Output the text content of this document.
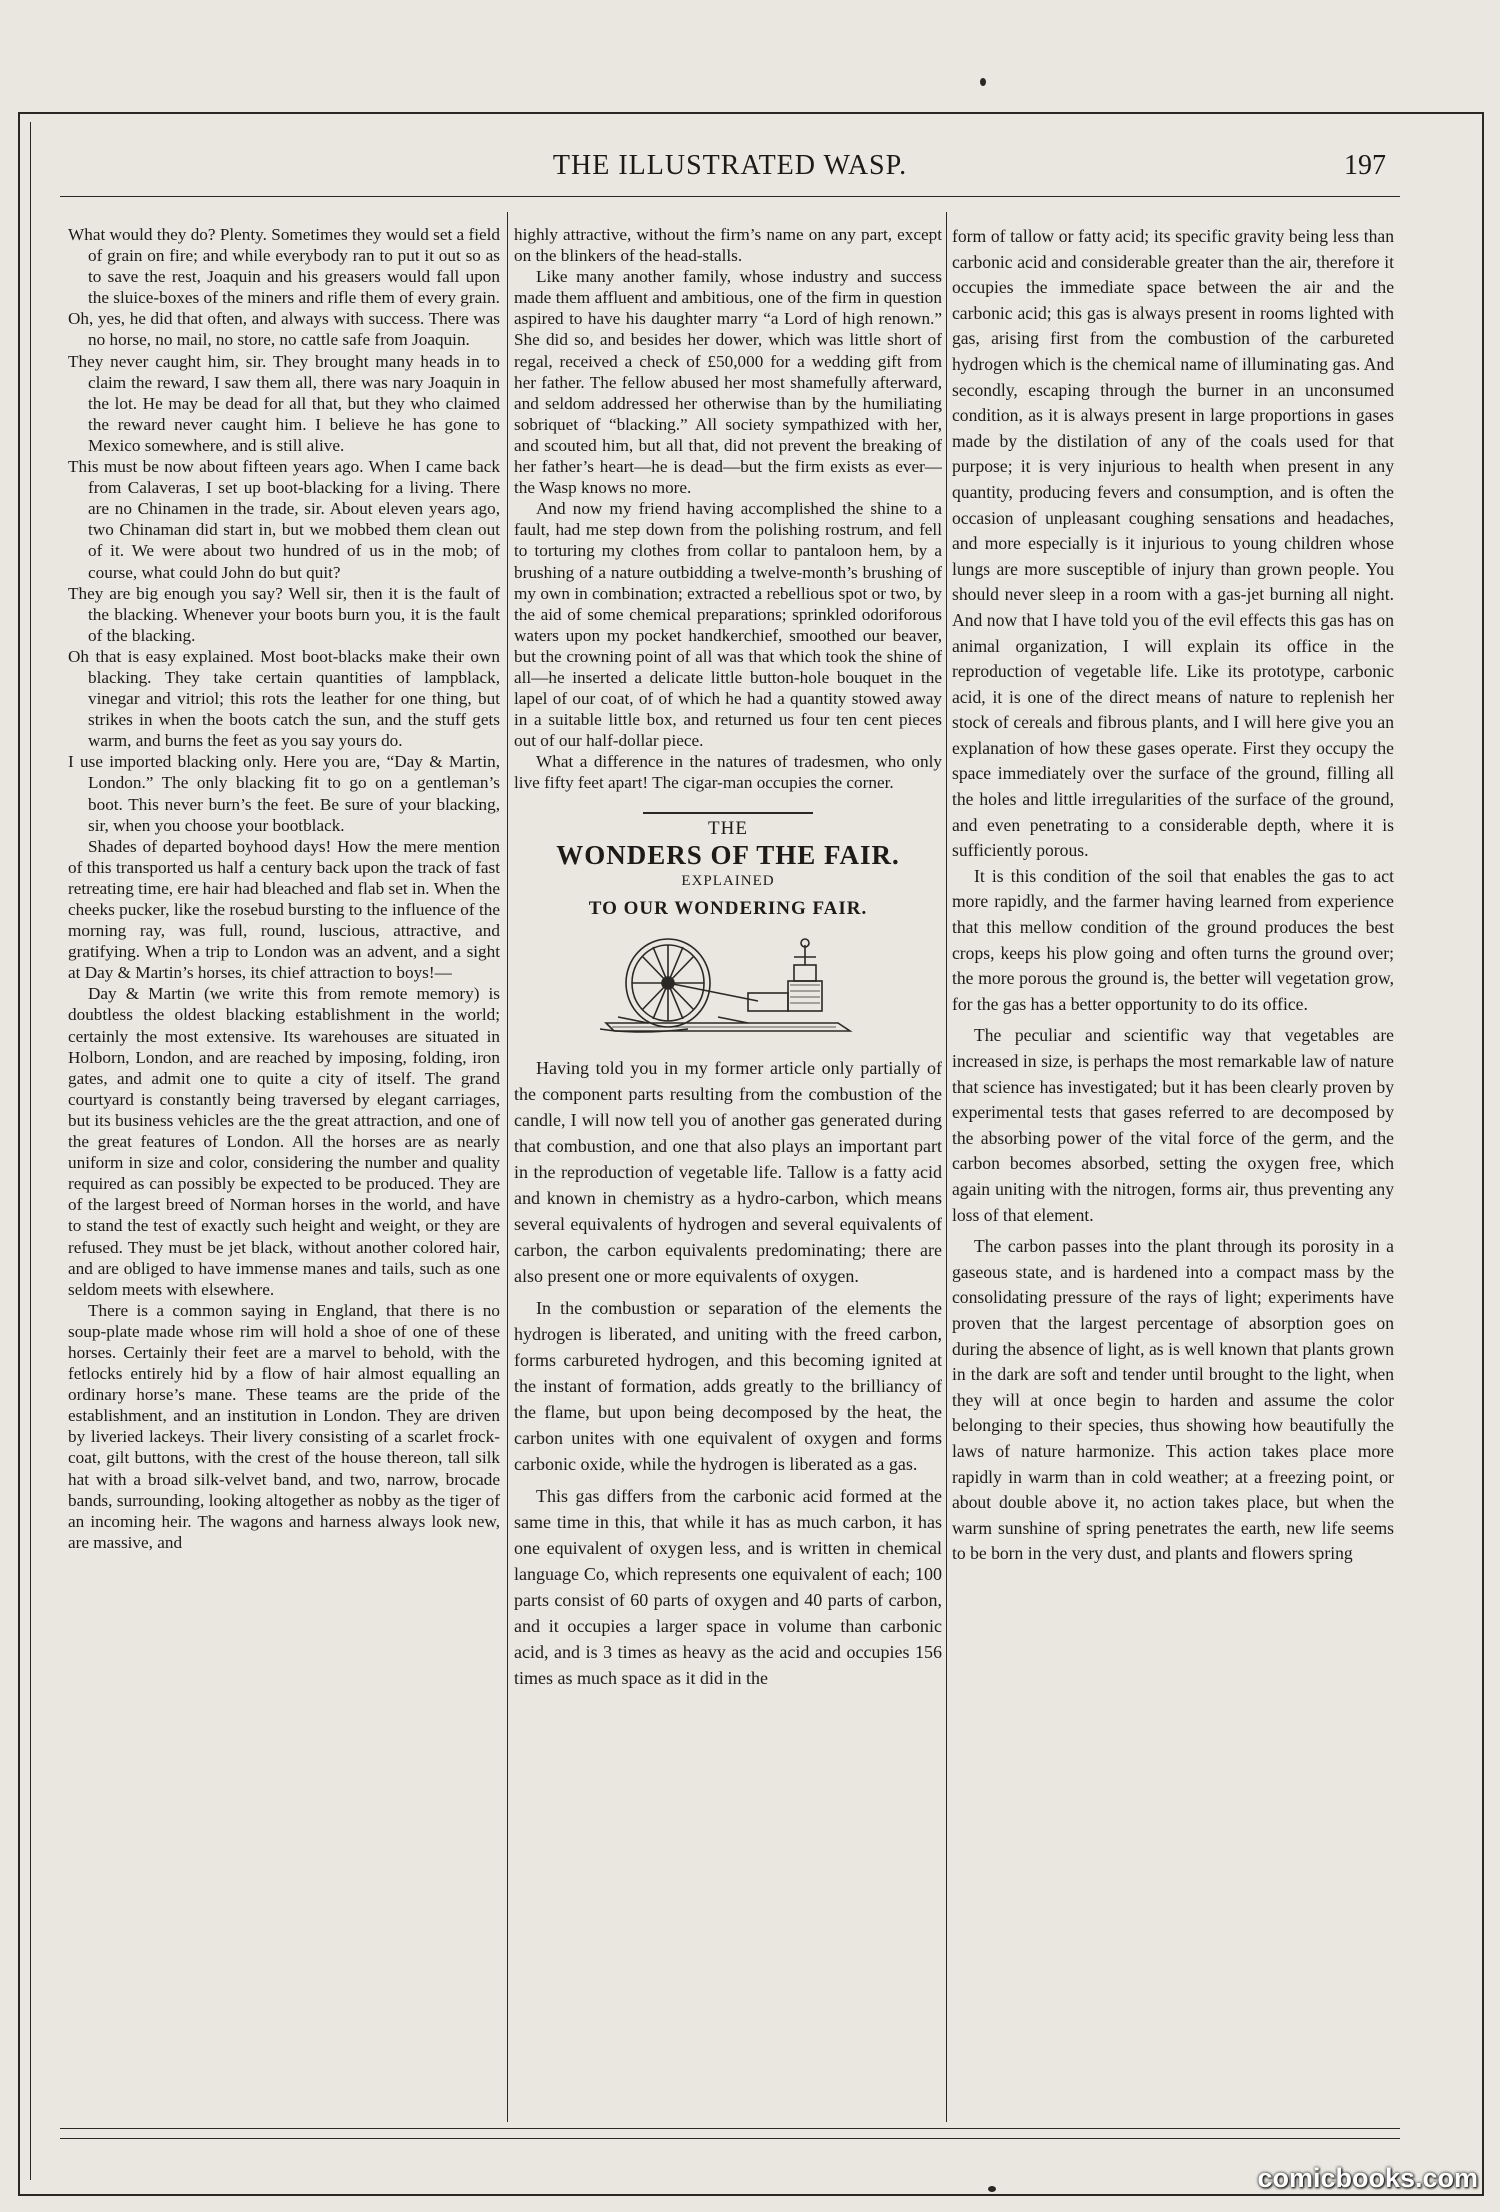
THE ILLUSTRATED WASP.	197

What would they do? Plenty. Sometimes they would set a field of grain on fire; and while everybody ran to put it out so as to save the rest, Joaquin and his greasers would fall upon the sluice-boxes of the miners and rifle them of every grain.

Oh, yes, he did that often, and always with success. There was no horse, no mail, no store, no cattle safe from Joaquin.

They never caught him, sir. They brought many heads in to claim the reward, I saw them all, there was nary Joaquin in the lot. He may be dead for all that, but they who claimed the reward never caught him. I believe he has gone to Mexico somewhere, and is still alive.

This must be now about fifteen years ago. When I came back from Calaveras, I set up boot-blacking for a living. There are no Chinamen in the trade, sir. About eleven years ago, two Chinaman did start in, but we mobbed them clean out of it. We were about two hundred of us in the mob; of course, what could John do but quit?

They are big enough you say? Well sir, then it is the fault of the blacking. Whenever your boots burn you, it is the fault of the blacking.

Oh that is easy explained. Most boot-blacks make their own blacking. They take certain quantities of lampblack, vinegar and vitriol; this rots the leather for one thing, but strikes in when the boots catch the sun, and the stuff gets warm, and burns the feet as you say yours do.

I use imported blacking only. Here you are, “Day & Martin, London.” The only blacking fit to go on a gentleman’s boot. This never burn’s the feet. Be sure of your blacking, sir, when you choose your bootblack.

Shades of departed boyhood days! How the mere mention of this transported us half a century back upon the track of fast retreating time, ere hair had bleached and flab set in. When the cheeks pucker, like the rosebud bursting to the influence of the morning ray, was full, round, luscious, attractive, and gratifying. When a trip to London was an advent, and a sight at Day & Martin’s horses, its chief attraction to boys!—

Day & Martin (we write this from remote memory) is doubtless the oldest blacking establishment in the world; certainly the most extensive. Its warehouses are situated in Holborn, London, and are reached by imposing, folding, iron gates, and admit one to quite a city of itself. The grand courtyard is constantly being traversed by elegant carriages, but its business vehicles are the the great attraction, and one of the great features of London. All the horses are as nearly uniform in size and color, considering the number and quality required as can possibly be expected to be produced. They are of the largest breed of Norman horses in the world, and have to stand the test of exactly such height and weight, or they are refused. They must be jet black, without another colored hair, and are obliged to have immense manes and tails, such as one seldom meets with elsewhere.

There is a common saying in England, that there is no soup-plate made whose rim will hold a shoe of one of these horses. Certainly their feet are a marvel to behold, with the fetlocks entirely hid by a flow of hair almost equalling an ordinary horse’s mane. These teams are the pride of the establishment, and an institution in London. They are driven by liveried lackeys. Their livery consisting of a scarlet frock-coat, gilt buttons, with the crest of the house thereon, tall silk hat with a broad silk-velvet band, and two, narrow, brocade bands, surrounding, looking altogether as nobby as the tiger of an incoming heir. The wagons and harness always look new, are massive, and

highly attractive, without the firm’s name on any part, except on the blinkers of the head-stalls.

Like many another family, whose industry and success made them affluent and ambitious, one of the firm in question aspired to have his daughter marry “a Lord of high renown.” She did so, and besides her dower, which was little short of regal, received a check of £50,000 for a wedding gift from her father. The fellow abused her most shamefully afterward, and seldom addressed her otherwise than by the humiliating sobriquet of “blacking.” All society sympathized with her, and scouted him, but all that, did not prevent the breaking of her father’s heart—he is dead—but the firm exists as ever—the Wasp knows no more.

And now my friend having accomplished the shine to a fault, had me step down from the polishing rostrum, and fell to torturing my clothes from collar to pantaloon hem, by a brushing of a nature outbidding a twelve-month’s brushing of my own in combination; extracted a rebellious spot or two, by the aid of some chemical preparations; sprinkled odoriforous waters upon my pocket handkerchief, smoothed our beaver, but the crowning point of all was that which took the shine of all—he inserted a delicate little button-hole bouquet in the lapel of our coat, of of which he had a quantity stowed away in a suitable little box, and returned us four ten cent pieces out of our half-dollar piece.

What a difference in the natures of tradesmen, who only live fifty feet apart! The cigar-man occupies the corner.

THE
WONDERS OF THE FAIR.
EXPLAINED
TO OUR WONDERING FAIR.

Having told you in my former article only partially of the component parts resulting from the combustion of the candle, I will now tell you of another gas generated during that combustion, and one that also plays an important part in the reproduction of vegetable life. Tallow is a fatty acid and known in chemistry as a hydro-carbon, which means several equivalents of hydrogen and several equivalents of carbon, the carbon equivalents predominating; there are also present one or more equivalents of oxygen.

In the combustion or separation of the elements the hydrogen is liberated, and uniting with the freed carbon, forms carbureted hydrogen, and this becoming ignited at the instant of formation, adds greatly to the brilliancy of the flame, but upon being decomposed by the heat, the carbon unites with one equivalent of oxygen and forms carbonic oxide, while the hydrogen is liberated as a gas.

This gas differs from the carbonic acid formed at the same time in this, that while it has as much carbon, it has one equivalent of oxygen less, and is written in chemical language Co, which represents one equivalent of each; 100 parts consist of 60 parts of oxygen and 40 parts of carbon, and it occupies a larger space in volume than carbonic acid, and is 3 times as heavy as the acid and occupies 156 times as much space as it did in the

form of tallow or fatty acid; its specific gravity being less than carbonic acid and considerable greater than the air, therefore it occupies the immediate space between the air and the carbonic acid; this gas is always present in rooms lighted with gas, arising first from the combustion of the carbureted hydrogen which is the chemical name of illuminating gas. And secondly, escaping through the burner in an unconsumed condition, as it is always present in large proportions in gases made by the distilation of any of the coals used for that purpose; it is very injurious to health when present in any quantity, producing fevers and consumption, and is often the occasion of unpleasant coughing sensations and headaches, and more especially is it injurious to young children whose lungs are more susceptible of injury than grown people. You should never sleep in a room with a gas-jet burning all night. And now that I have told you of the evil effects this gas has on animal organization, I will explain its office in the reproduction of vegetable life. Like its prototype, carbonic acid, it is one of the direct means of nature to replenish her stock of cereals and fibrous plants, and I will here give you an explanation of how these gases operate. First they occupy the space immediately over the surface of the ground, filling all the holes and little irregularities of the surface of the ground, and even penetrating to a considerable depth, where it is sufficiently porous.

It is this condition of the soil that enables the gas to act more rapidly, and the farmer having learned from experience that this mellow condition of the ground produces the best crops, keeps his plow going and often turns the ground over; the more porous the ground is, the better will vegetation grow, for the gas has a better opportunity to do its office.

The peculiar and scientific way that vegetables are increased in size, is perhaps the most remarkable law of nature that science has investigated; but it has been clearly proven by experimental tests that gases referred to are decomposed by the absorbing power of the vital force of the germ, and the carbon becomes absorbed, setting the oxygen free, which again uniting with the nitrogen, forms air, thus preventing any loss of that element.

The carbon passes into the plant through its porosity in a gaseous state, and is hardened into a compact mass by the consolidating pressure of the rays of light; experiments have proven that the largest percentage of absorption goes on during the absence of light, as is well known that plants grown in the dark are soft and tender until brought to the light, when they will at once begin to harden and assume the color belonging to their species, thus showing how beautifully the laws of nature harmonize. This action takes place more rapidly in warm than in cold weather; at a freezing point, or about double above it, no action takes place, but when the warm sunshine of spring penetrates the earth, new life seems to be born in the very dust, and plants and flowers spring

comicbooks.com
